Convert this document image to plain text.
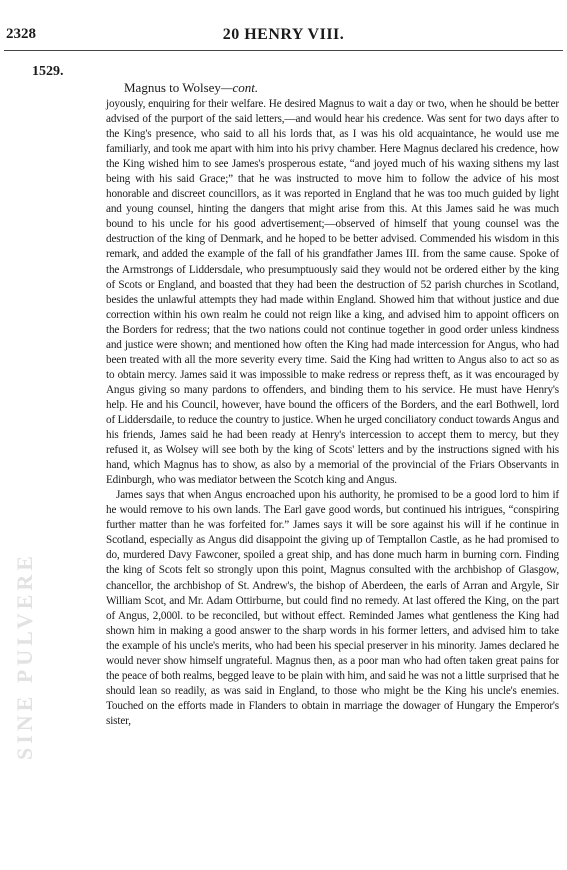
2328	20 HENRY VIII.
1529.
Magnus to Wolsey—cont.

joyously, enquiring for their welfare. He desired Magnus to wait a day or two, when he should be better advised of the purport of the said letters,—and would hear his credence. Was sent for two days after to the King's presence, who said to all his lords that, as I was his old acquaintance, he would use me familiarly, and took me apart with him into his privy chamber. Here Magnus declared his credence, how the King wished him to see James's prosperous estate, “and joyed much of his waxing sithens my last being with his said Grace;” that he was instructed to move him to follow the advice of his most honorable and discreet councillors, as it was reported in England that he was too much guided by light and young counsel, hinting the dangers that might arise from this. At this James said he was much bound to his uncle for his good advertisement;—observed of himself that young counsel was the destruction of the king of Denmark, and he hoped to be better advised. Commended his wisdom in this remark, and added the example of the fall of his grandfather James III. from the same cause. Spoke of the Armstrongs of Liddersdale, who presumptuously said they would not be ordered either by the king of Scots or England, and boasted that they had been the destruction of 52 parish churches in Scotland, besides the unlawful attempts they had made within England. Showed him that without justice and due correction within his own realm he could not reign like a king, and advised him to appoint officers on the Borders for redress; that the two nations could not continue together in good order unless kindness and justice were shown; and mentioned how often the King had made intercession for Angus, who had been treated with all the more severity every time. Said the King had written to Angus also to act so as to obtain mercy. James said it was impossible to make redress or repress theft, as it was encouraged by Angus giving so many pardons to offenders, and binding them to his service. He must have Henry's help. He and his Council, however, have bound the officers of the Borders, and the earl Bothwell, lord of Liddersdaile, to reduce the country to justice. When he urged conciliatory conduct towards Angus and his friends, James said he had been ready at Henry's intercession to accept them to mercy, but they refused it, as Wolsey will see both by the king of Scots' letters and by the instructions signed with his hand, which Magnus has to show, as also by a memorial of the provincial of the Friars Observants in Edinburgh, who was mediator between the Scotch king and Angus.

James says that when Angus encroached upon his authority, he promised to be a good lord to him if he would remove to his own lands. The Earl gave good words, but continued his intrigues, “conspiring further matter than he was forfeited for.” James says it will be sore against his will if he continue in Scotland, especially as Angus did disappoint the giving up of Temptallon Castle, as he had promised to do, murdered Davy Fawconer, spoiled a great ship, and has done much harm in burning corn. Finding the king of Scots felt so strongly upon this point, Magnus consulted with the archbishop of Glasgow, chancellor, the archbishop of St. Andrew's, the bishop of Aberdeen, the earls of Arran and Argyle, Sir William Scot, and Mr. Adam Ottirburne, but could find no remedy. At last offered the King, on the part of Angus, 2,000l. to be reconciled, but without effect. Reminded James what gentleness the King had shown him in making a good answer to the sharp words in his former letters, and advised him to take the example of his uncle's merits, who had been his special preserver in his minority. James declared he would never show himself ungrateful. Magnus then, as a poor man who had often taken great pains for the peace of both realms, begged leave to be plain with him, and said he was not a little surprised that he should lean so readily, as was said in England, to those who might be the King his uncle's enemies. Touched on the efforts made in Flanders to obtain in marriage the dowager of Hungary the Emperor's sister,

SINE PULVERE
